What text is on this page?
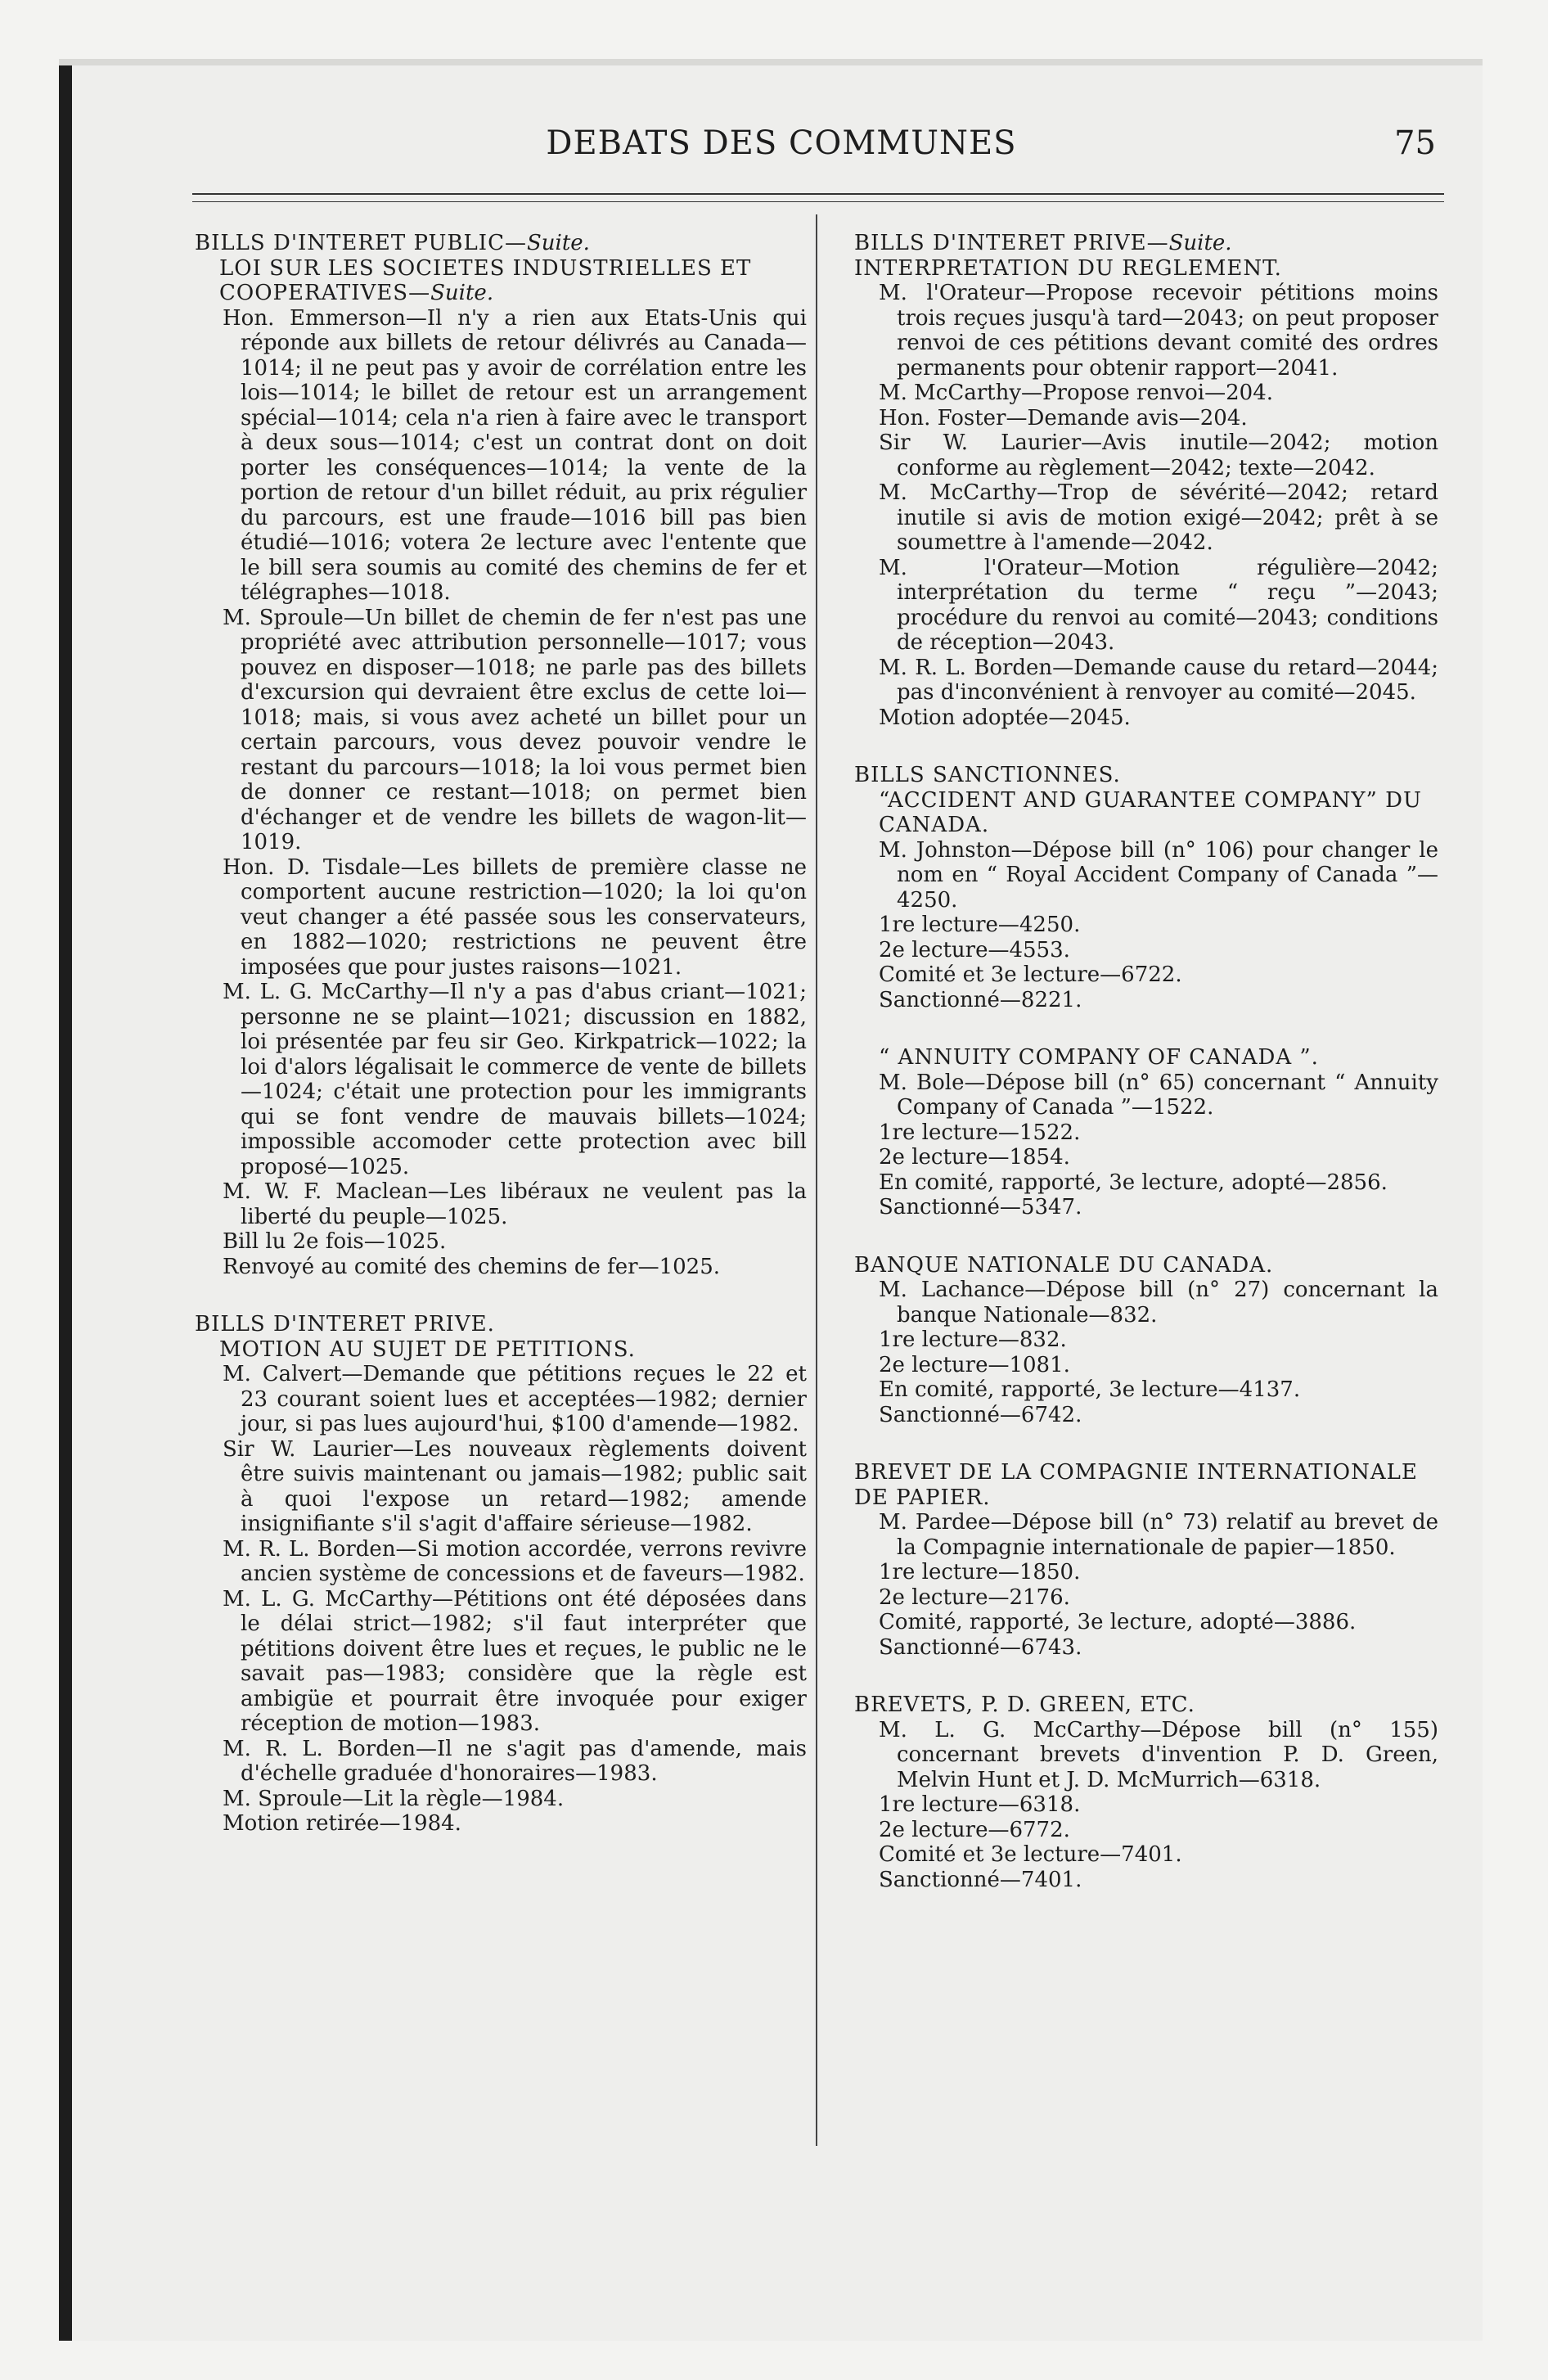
DEBATS DES COMMUNES	75

BILLS D'INTERET PUBLIC—Suite.

LOI SUR LES SOCIETES INDUSTRIELLES ET COOPERATIVES—Suite.

Hon. Emmerson—Il n'y a rien aux Etats-Unis qui réponde aux billets de retour délivrés au Canada—1014; il ne peut pas y avoir de corrélation entre les lois—1014; le billet de retour est un arrangement spécial—1014; cela n'a rien à faire avec le transport à deux sous—1014; c'est un contrat dont on doit porter les conséquences—1014; la vente de la portion de retour d'un billet réduit, au prix régulier du parcours, est une fraude—1016 bill pas bien étudié—1016; votera 2e lecture avec l'entente que le bill sera soumis au comité des chemins de fer et télégraphes—1018.

M. Sproule—Un billet de chemin de fer n'est pas une propriété avec attribution personnelle—1017; vous pouvez en disposer—1018; ne parle pas des billets d'excursion qui devraient être exclus de cette loi—1018; mais, si vous avez acheté un billet pour un certain parcours, vous devez pouvoir vendre le restant du parcours—1018; la loi vous permet bien de donner ce restant—1018; on permet bien d'échanger et de vendre les billets de wagon-lit—1019.

Hon. D. Tisdale—Les billets de première classe ne comportent aucune restriction—1020; la loi qu'on veut changer a été passée sous les conservateurs, en 1882—1020; restrictions ne peuvent être imposées que pour justes raisons—1021.

M. L. G. McCarthy—Il n'y a pas d'abus criant—1021; personne ne se plaint—1021; discussion en 1882, loi présentée par feu sir Geo. Kirkpatrick—1022; la loi d'alors légalisait le commerce de vente de billets—1024; c'était une protection pour les immigrants qui se font vendre de mauvais billets—1024; impossible accomoder cette protection avec bill proposé—1025.

M. W. F. Maclean—Les libéraux ne veulent pas la liberté du peuple—1025.

Bill lu 2e fois—1025.

Renvoyé au comité des chemins de fer—1025.

BILLS D'INTERET PRIVE.

MOTION AU SUJET DE PETITIONS.

M. Calvert—Demande que pétitions reçues le 22 et 23 courant soient lues et acceptées—1982; dernier jour, si pas lues aujourd'hui, $100 d'amende—1982.

Sir W. Laurier—Les nouveaux règlements doivent être suivis maintenant ou jamais—1982; public sait à quoi l'expose un retard—1982; amende insignifiante s'il s'agit d'affaire sérieuse—1982.

M. R. L. Borden—Si motion accordée, verrons revivre ancien système de concessions et de faveurs—1982.

M. L. G. McCarthy—Pétitions ont été déposées dans le délai strict—1982; s'il faut interpréter que pétitions doivent être lues et reçues, le public ne le savait pas—1983; considère que la règle est ambigüe et pourrait être invoquée pour exiger réception de motion—1983.

M. R. L. Borden—Il ne s'agit pas d'amende, mais d'échelle graduée d'honoraires—1983.

M. Sproule—Lit la règle—1984.

Motion retirée—1984.

BILLS D'INTERET PRIVE—Suite.

INTERPRETATION DU REGLEMENT.

M. l'Orateur—Propose recevoir pétitions moins trois reçues jusqu'à tard—2043; on peut proposer renvoi de ces pétitions devant comité des ordres permanents pour obtenir rapport—2041.

M. McCarthy—Propose renvoi—204.

Hon. Foster—Demande avis—204.

Sir W. Laurier—Avis inutile—2042; motion conforme au règlement—2042; texte—2042.

M. McCarthy—Trop de sévérité—2042; retard inutile si avis de motion exigé—2042; prêt à se soumettre à l'amende—2042.

M. l'Orateur—Motion régulière—2042; interprétation du terme “ reçu ”—2043; procédure du renvoi au comité—2043; conditions de réception—2043.

M. R. L. Borden—Demande cause du retard—2044; pas d'inconvénient à renvoyer au comité—2045.

Motion adoptée—2045.

BILLS SANCTIONNES.

“ACCIDENT AND GUARANTEE COMPANY” DU CANADA.

M. Johnston—Dépose bill (n° 106) pour changer le nom en “ Royal Accident Company of Canada ”—4250.

1re lecture—4250.

2e lecture—4553.

Comité et 3e lecture—6722.

Sanctionné—8221.

“ ANNUITY COMPANY OF CANADA ”.

M. Bole—Dépose bill (n° 65) concernant “ Annuity Company of Canada ”—1522.

1re lecture—1522.

2e lecture—1854.

En comité, rapporté, 3e lecture, adopté—2856.

Sanctionné—5347.

BANQUE NATIONALE DU CANADA.

M. Lachance—Dépose bill (n° 27) concernant la banque Nationale—832.

1re lecture—832.

2e lecture—1081.

En comité, rapporté, 3e lecture—4137.

Sanctionné—6742.

BREVET DE LA COMPAGNIE INTERNATIONALE DE PAPIER.

M. Pardee—Dépose bill (n° 73) relatif au brevet de la Compagnie internationale de papier—1850.

1re lecture—1850.

2e lecture—2176.

Comité, rapporté, 3e lecture, adopté—3886.

Sanctionné—6743.

BREVETS, P. D. GREEN, ETC.

M. L. G. McCarthy—Dépose bill (n° 155) concernant brevets d'invention P. D. Green, Melvin Hunt et J. D. McMurrich—6318.

1re lecture—6318.

2e lecture—6772.

Comité et 3e lecture—7401.

Sanctionné—7401.
